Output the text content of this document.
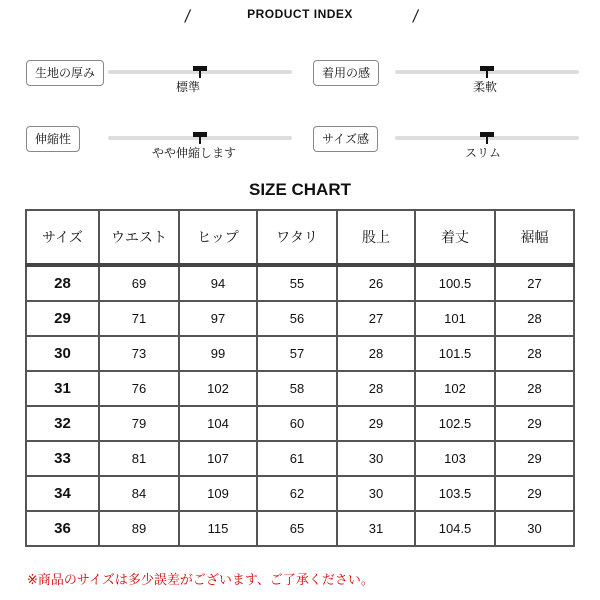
/	PRODUCT INDEX	/
生地の厚み
標準
着用の感
柔軟
伸縮性
やや伸縮します
サイズ感
スリム
SIZE CHART
サイズ	ウエスト	ヒップ	ワタリ	股上	着丈	裾幅
28	69	94	55	26	100.5	27
29	71	97	56	27	101	28
30	73	99	57	28	101.5	28
31	76	102	58	28	102	28
32	79	104	60	29	102.5	29
33	81	107	61	30	103	29
34	84	109	62	30	103.5	29
36	89	115	65	31	104.5	30
※商品のサイズは多少誤差がございます、ご了承ください。
